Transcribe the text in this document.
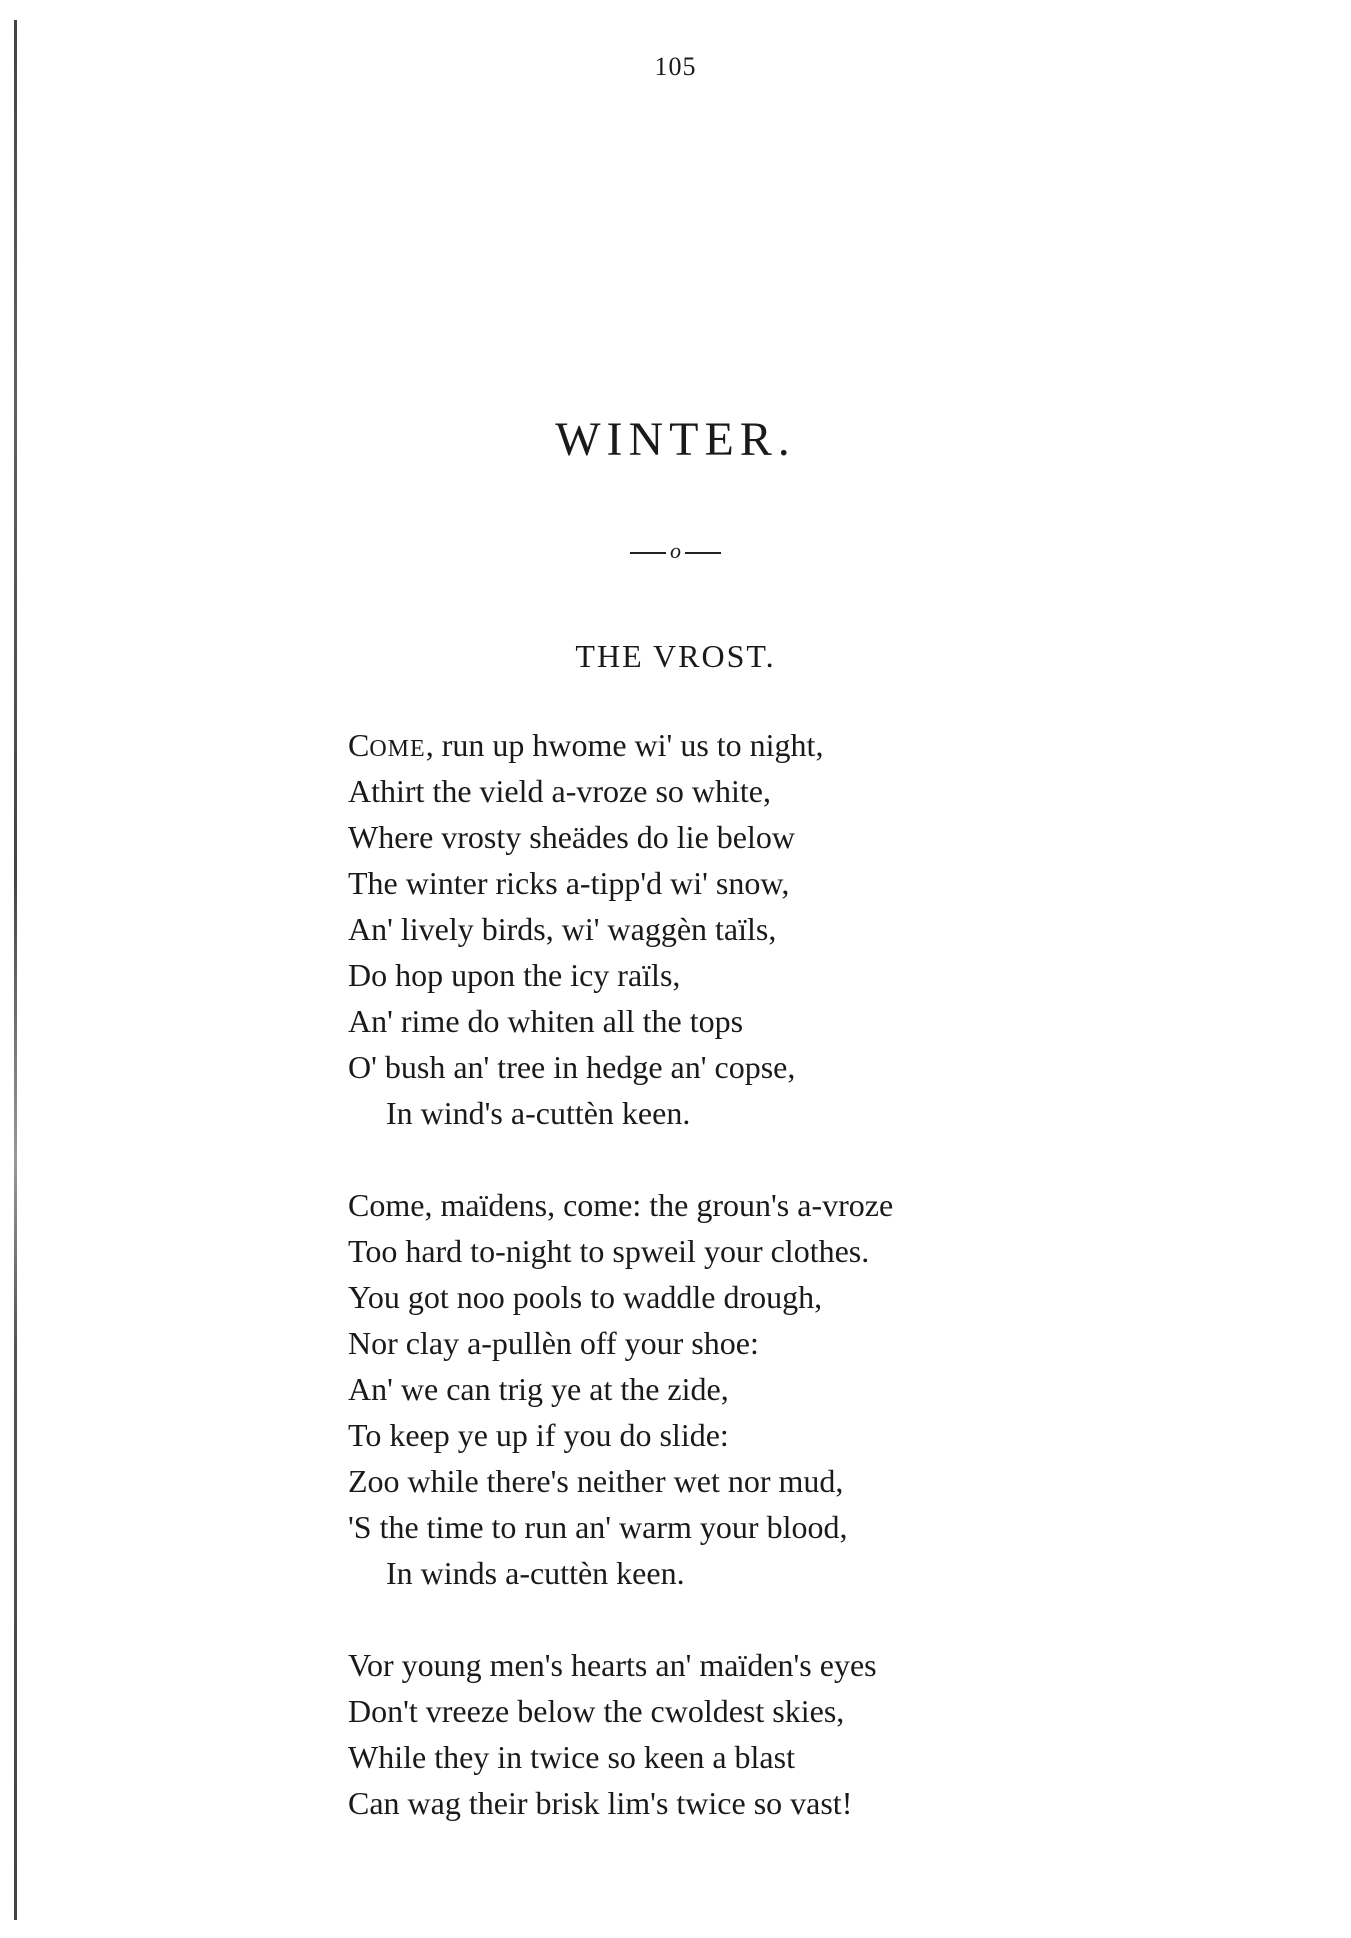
105
WINTER.
o
THE VROST.
COME, run up hwome wi' us to night,
Athirt the vield a-vroze so white,
Where vrosty sheädes do lie below
The winter ricks a-tipp'd wi' snow,
An' lively birds, wi' waggèn taïls,
Do hop upon the icy raïls,
An' rime do whiten all the tops
O' bush an' tree in hedge an' copse,
In wind's a-cuttèn keen.
Come, maïdens, come: the groun's a-vroze
Too hard to-night to spweil your clothes.
You got noo pools to waddle drough,
Nor clay a-pullèn off your shoe:
An' we can trig ye at the zide,
To keep ye up if you do slide:
Zoo while there's neither wet nor mud,
'S the time to run an' warm your blood,
In winds a-cuttèn keen.
Vor young men's hearts an' maïden's eyes
Don't vreeze below the cwoldest skies,
While they in twice so keen a blast
Can wag their brisk lim's twice so vast!
